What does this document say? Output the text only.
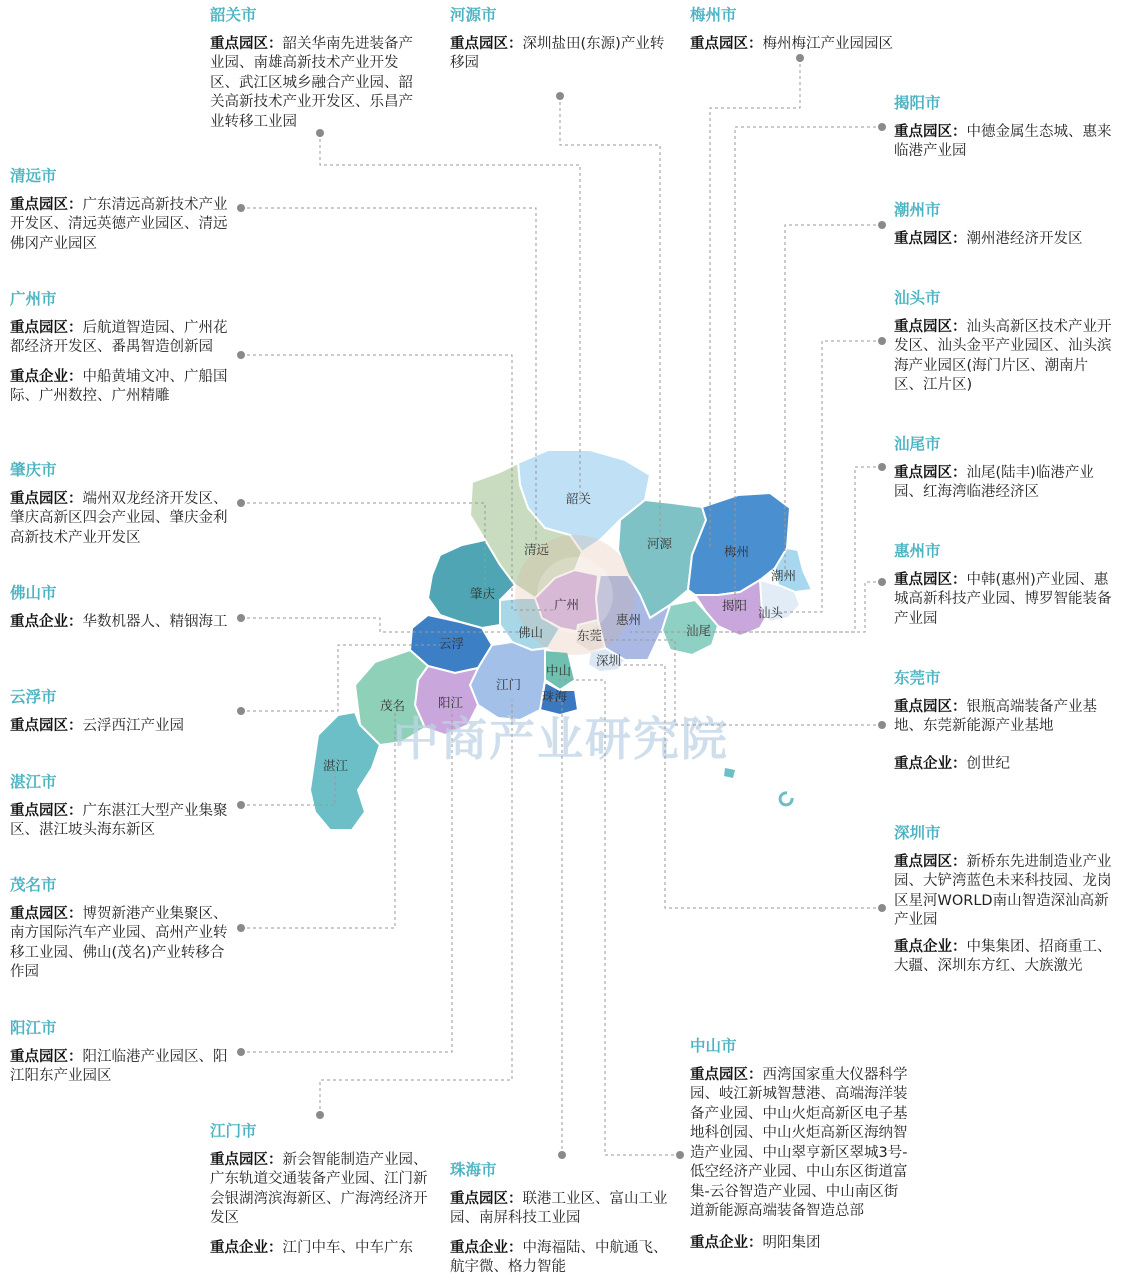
韶关
清远	河源
梅州
潮州
揭阳 汕头
汕尾
惠州
广州
东莞
深圳
佛山
肇庆
云浮
江门
中山
珠海
阳江
茂名
湛江 中商产业研究院
韶关市
重点园区：韶关华南先进装备产业园、南雄高新技术产业开发区、武江区城乡融合产业园、韶关高新技术产业开发区、乐昌产业转移工业园
河源市
重点园区：深圳盐田(东源)产业转移园
梅州市
重点园区：梅州梅江产业园园区
揭阳市
重点园区：中德金属生态城、惠来临港产业园
潮州市
重点园区：潮州港经济开发区
汕头市
重点园区：汕头高新区技术产业开发区、汕头金平产业园区、汕头滨海产业园区(海门片区、潮南片区、江片区)
汕尾市
重点园区：汕尾(陆丰)临港产业园、红海湾临港经济区
惠州市
重点园区：中韩(惠州)产业园、惠城高新科技产业园、博罗智能装备产业园
东莞市
重点园区：银瓶高端装备产业基地、东莞新能源产业基地
重点企业：创世纪
深圳市
重点园区：新桥东先进制造业产业园、大铲湾蓝色未来科技园、龙岗区星河WORLD南山智造深汕高新产业园
重点企业：中集集团、招商重工、大疆、深圳东方红、大族激光
中山市
重点园区：西湾国家重大仪器科学园、岐江新城智慧港、高端海洋装备产业园、中山火炬高新区电子基地科创园、中山火炬高新区海纳智造产业园、中山翠亨新区翠城3号-低空经济产业园、中山东区街道富集-云谷智造产业园、中山南区街道新能源高端装备智造总部
重点企业：明阳集团
珠海市
重点园区：联港工业区、富山工业园、南屏科技工业园
重点企业：中海福陆、中航通飞、航宇微、格力智能
江门市
重点园区：新会智能制造产业园、广东轨道交通装备产业园、江门新会银湖湾滨海新区、广海湾经济开发区
重点企业：江门中车、中车广东
阳江市
重点园区：阳江临港产业园区、阳江阳东产业园区
茂名市
重点园区：博贺新港产业集聚区、南方国际汽车产业园、高州产业转移工业园、佛山(茂名)产业转移合作园
湛江市
重点园区：广东湛江大型产业集聚区、湛江坡头海东新区
云浮市
重点园区：云浮西江产业园
佛山市
重点企业：华数机器人、精铟海工
肇庆市
重点园区：端州双龙经济开发区、肇庆高新区四会产业园、肇庆金利高新技术产业开发区
广州市
重点园区：后航道智造园、广州花都经济开发区、番禺智造创新园
重点企业：中船黄埔文冲、广船国际、广州数控、广州精雕
清远市
重点园区：广东清远高新技术产业开发区、清远英德产业园区、清远佛冈产业园区
